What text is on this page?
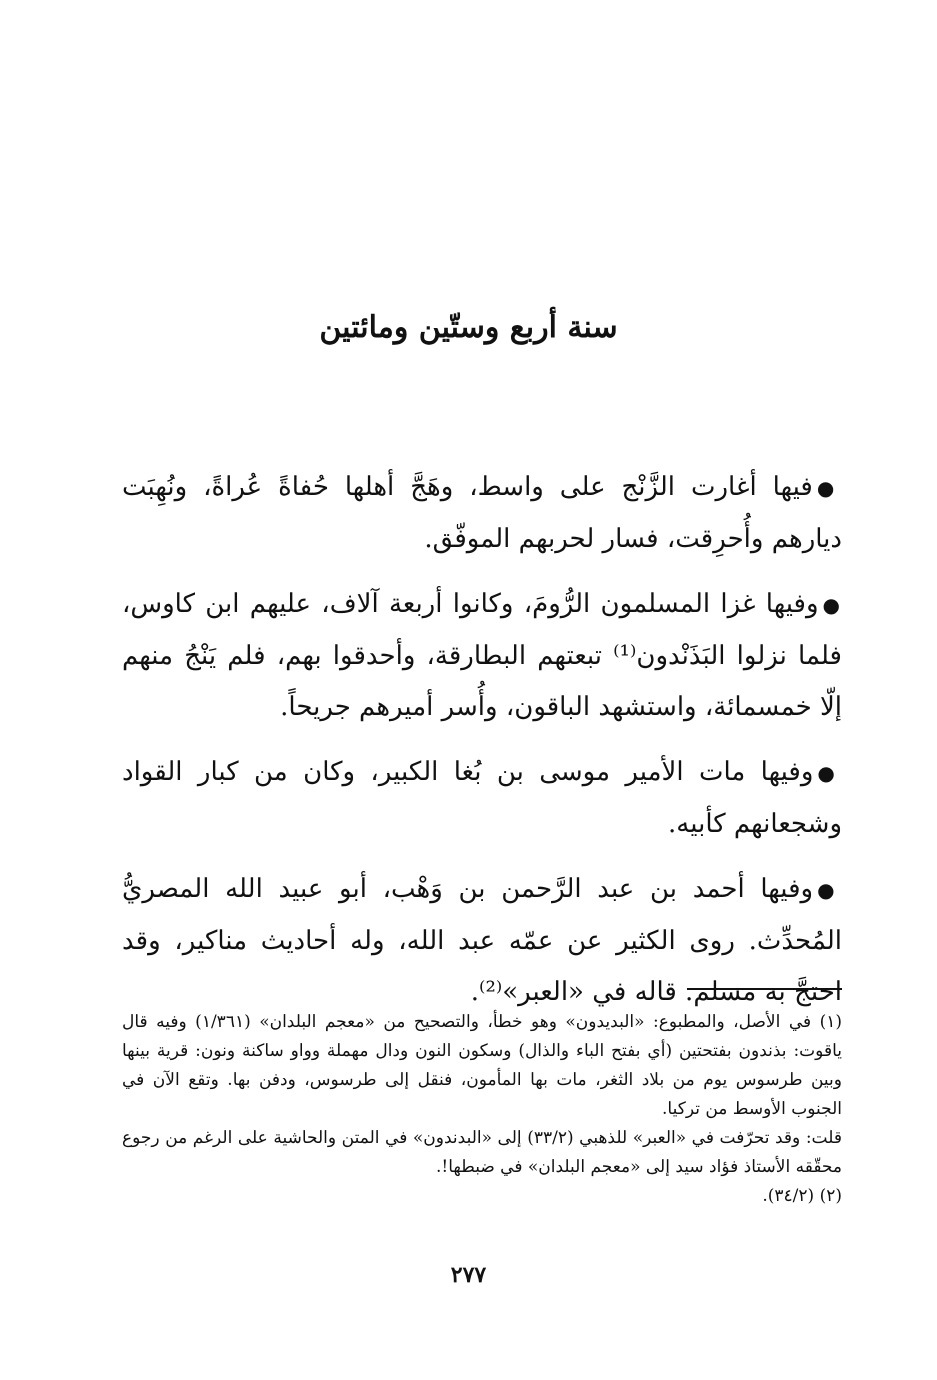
سنة أربع وستّين ومائتين

●فيها أغارت الزَّنْج على واسط، وهَجَّ أهلها حُفاةً عُراةً، ونُهِبَت ديارهم وأُحرِقت، فسار لحربهم الموفّق.

●وفيها غزا المسلمون الرُّومَ، وكانوا أربعة آلاف، عليهم ابن كاوس، فلما نزلوا البَذَنْدون⁽¹⁾ تبعتهم البطارقة، وأحدقوا بهم، فلم يَنْجُ منهم إلّا خمسمائة، واستشهد الباقون، وأُسر أميرهم جريحاً.

●وفيها مات الأمير موسى بن بُغا الكبير، وكان من كبار القواد وشجعانهم كأبيه.

●وفيها أحمد بن عبد الرَّحمن بن وَهْب، أبو عبيد الله المصريُّ المُحدِّث. روى الكثير عن عمّه عبد الله، وله أحاديث مناكير، وقد احتجَّ به مسلم. قاله في «العبر»⁽²⁾.

(١) في الأصل، والمطبوع: «البديدون» وهو خطأ، والتصحيح من «معجم البلدان» (١/٣٦١) وفيه قال ياقوت: بذندون بفتحتين (أي بفتح الباء والذال) وسكون النون ودال مهملة وواو ساكنة ونون: قرية بينها وبين طرسوس يوم من بلاد الثغر، مات بها المأمون، فنقل إلى طرسوس، ودفن بها. وتقع الآن في الجنوب الأوسط من تركيا.

قلت: وقد تحرّفت في «العبر» للذهبي (٣٣/٢) إلى «البدندون» في المتن والحاشية على الرغم من رجوع محقّقه الأستاذ فؤاد سيد إلى «معجم البلدان» في ضبطها!.

(٢) (٣٤/٢).

٢٧٧
